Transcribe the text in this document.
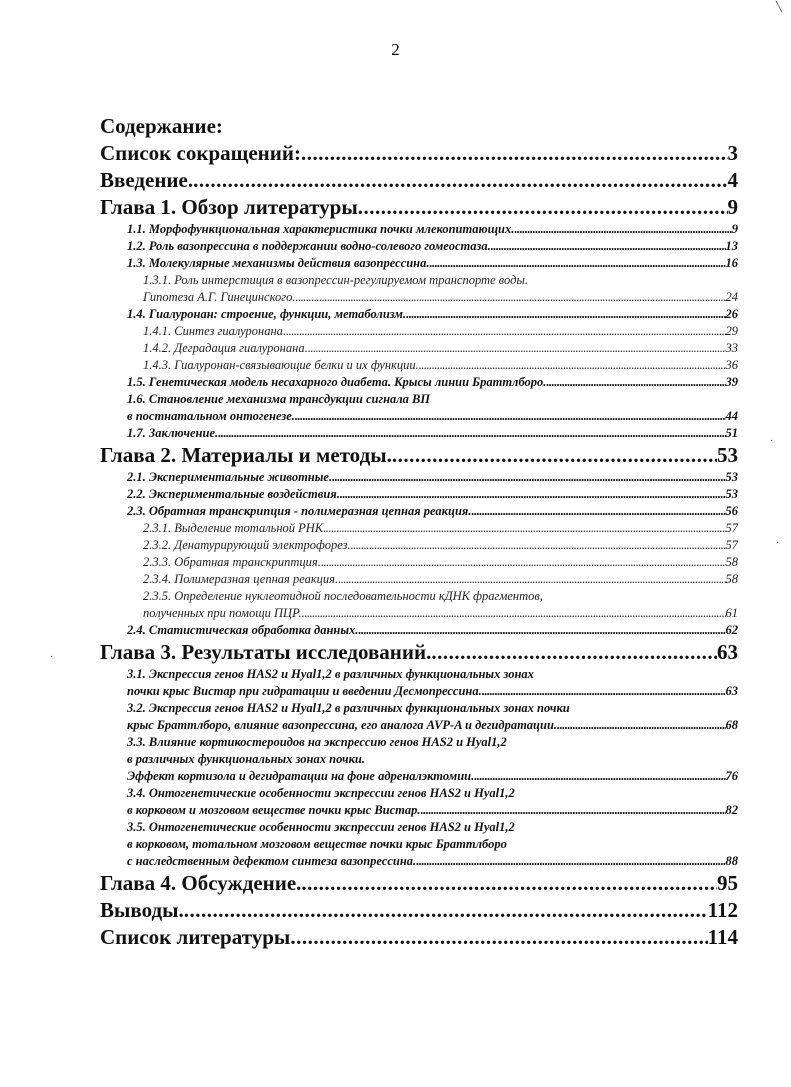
2
Содержание:
Список сокращений: .....	3
Введение. .....	4
Глава 1. Обзор литературы .....	9
1.1. Морфофункциональная характеристика почки млекопитающих. .....	9
1.2. Роль вазопрессина в поддержании водно-солевого гомеостаза. .....	13
1.3. Молекулярные механизмы действия вазопрессина. .....	16
1.3.1. Роль интерстиция в вазопрессин-регулируемом транспорте воды.
Гипотеза А.Г. Гинецинского. .....	24
1.4. Гиалуронан: строение, функции, метаболизм. .....	26
1.4.1. Синтез гиалуронана. .....	29
1.4.2. Деградация гиалуронана. .....	33
1.4.3. Гиалуронан-связывающие белки и их функции. .....	36
1.5. Генетическая модель несахарного диабета. Крысы линии Браттлборо. .....	39
1.6. Становление механизма трансдукции сигнала ВП
в постнатальном онтогенезе. .....	44
1.7. Заключение. .....	51
Глава 2. Материалы и методы. .....	53
2.1. Экспериментальные животные. .....	53
2.2. Экспериментальные воздействия. .....	53
2.3. Обратная транскрипция - полимеразная цепная реакция. .....	56
2.3.1. Выделение тотальной РНК .....	57
2.3.2. Денатурирующий электрофорез. .....	57
2.3.3. Обратная транскриптция. .....	58
2.3.4. Полимеразная цепная реакция. .....	58
2.3.5. Определение нуклеотидной последовательности кДНК фрагментов,
полученных при помощи ПЦР. .....	61
2.4. Статистическая обработка данных. .....	62
Глава 3. Результаты исследований. .....	63
3.1. Экспрессия генов HAS2 и Hyal1,2 в различных функциональных зонах
почки крыс Вистар при гидратации и введении Десмопрессина. .....	63
3.2. Экспрессия генов HAS2 и Hyal1,2 в различных функциональных зонах почки
крыс Браттлборо, влияние вазопрессина, его аналога AVP-A и дегидратации. .....	68
3.3. Влияние кортикостероидов на экспрессию генов HAS2 и Hyal1,2
в различных функциональных зонах почки.
Эффект кортизола и дегидратации на фоне адреналэктомии. .....	76
3.4. Онтогенетические особенности экспрессии генов HAS2 и Hyal1,2
в корковом и мозговом веществе почки крыс Вистар. .....	82
3.5. Онтогенетические особенности экспрессии генов HAS2 и Hyal1,2
в корковом, тотальном мозговом веществе почки крыс Браттлборо
с наследственным дефектом синтеза вазопрессина. .....	88
Глава 4. Обсуждение. .....	95
Выводы. .....	112
Список литературы .....	114
╲
·
·
·
